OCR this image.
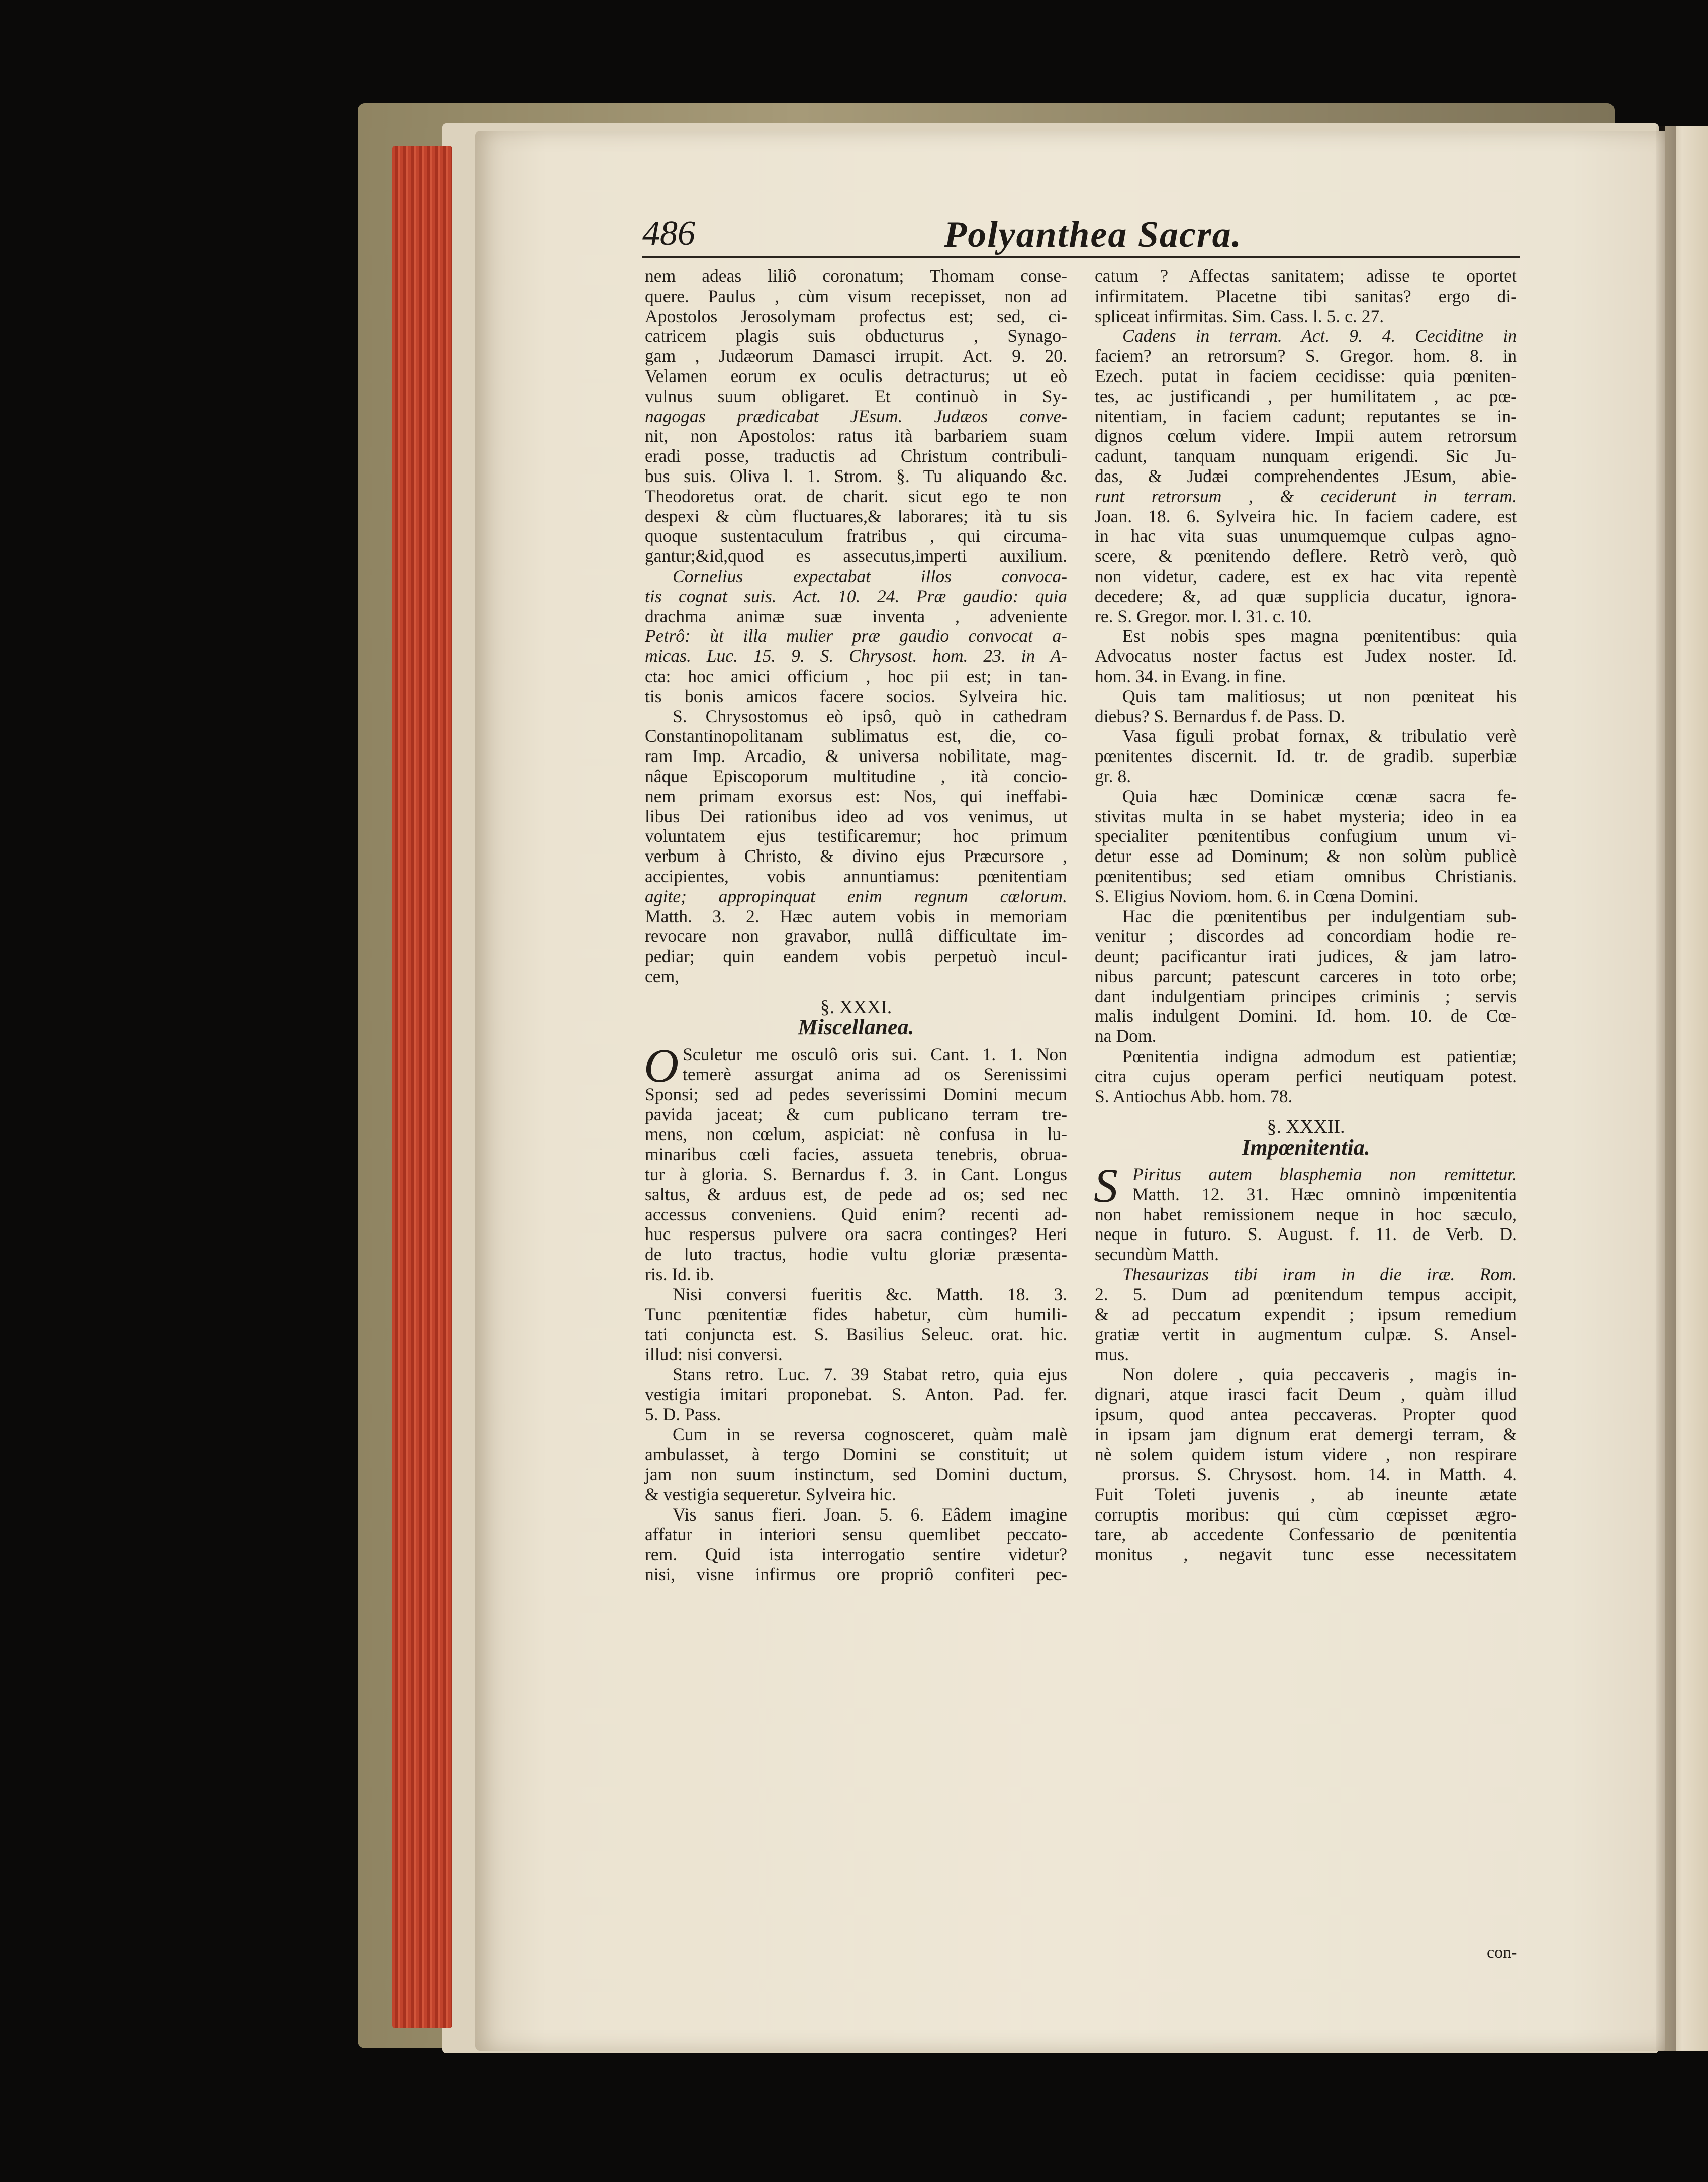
486	Polyanthea Sacra.
nem adeas liliô coronatum; Thomam conse-
quere. Paulus , cùm visum recepisset, non ad
Apostolos Jerosolymam profectus est; sed, ci-
catricem plagis suis obducturus , Synago-
gam , Judæorum Damasci irrupit. Act. 9. 20.
Velamen eorum ex oculis detracturus; ut eò
vulnus suum obligaret. Et continuò in Sy-
nagogas prædicabat JEsum. Judæos conve-
nit, non Apostolos: ratus ità barbariem suam
eradi posse, traductis ad Christum contribuli-
bus suis. Oliva l. 1. Strom. §. Tu aliquando &c.
Theodoretus orat. de charit. sicut ego te non
despexi & cùm fluctuares,& laborares; ità tu sis
quoque sustentaculum fratribus , qui circuma-
gantur;&id,quod es assecutus,imperti auxilium.
Cornelius expectabat illos convoca-
tis cognat suis. Act. 10. 24. Præ gaudio: quia
drachma animæ suæ inventa , adveniente
Petrô: ùt illa mulier præ gaudio convocat a-
micas. Luc. 15. 9. S. Chrysost. hom. 23. in A-
cta: hoc amici officium , hoc pii est; in tan-
tis bonis amicos facere socios. Sylveira hic.
S. Chrysostomus eò ipsô, quò in cathedram
Constantinopolitanam sublimatus est, die, co-
ram Imp. Arcadio, & universa nobilitate, mag-
nâque Episcoporum multitudine , ità concio-
nem primam exorsus est: Nos, qui ineffabi-
libus Dei rationibus ideo ad vos venimus, ut
voluntatem ejus testificaremur; hoc primum
verbum à Christo, & divino ejus Præcursore ,
accipientes, vobis annuntiamus: pœnitentiam
agite; appropinquat enim regnum cœlorum.
Matth. 3. 2. Hæc autem vobis in memoriam
revocare non gravabor, nullâ difficultate im-
pediar; quin eandem vobis perpetuò incul-
cem,
§. XXXI.
Miscellanea.
O Sculetur me osculô oris sui. Cant. 1. 1. Non
temerè assurgat anima ad os Serenissimi
Sponsi; sed ad pedes severissimi Domini mecum
pavida jaceat; & cum publicano terram tre-
mens, non cœlum, aspiciat: nè confusa in lu-
minaribus cœli facies, assueta tenebris, obrua-
tur à gloria. S. Bernardus f. 3. in Cant. Longus
saltus, & arduus est, de pede ad os; sed nec
accessus conveniens. Quid enim? recenti ad-
huc respersus pulvere ora sacra continges? Heri
de luto tractus, hodie vultu gloriæ præsenta-
ris. Id. ib.
Nisi conversi fueritis &c. Matth. 18. 3.
Tunc pœnitentiæ fides habetur, cùm humili-
tati conjuncta est. S. Basilius Seleuc. orat. hic.
illud: nisi conversi.
Stans retro. Luc. 7. 39 Stabat retro, quia ejus
vestigia imitari proponebat. S. Anton. Pad. fer.
5. D. Pass.
Cum in se reversa cognosceret, quàm malè
ambulasset, à tergo Domini se constituit; ut
jam non suum instinctum, sed Domini ductum,
& vestigia sequeretur. Sylveira hic.
Vis sanus fieri. Joan. 5. 6. Eâdem imagine
affatur in interiori sensu quemlibet peccato-
rem. Quid ista interrogatio sentire videtur?
nisi, visne infirmus ore propriô confiteri pec-
catum ? Affectas sanitatem; adisse te oportet
infirmitatem. Placetne tibi sanitas? ergo di-
spliceat infirmitas. Sim. Cass. l. 5. c. 27.
Cadens in terram. Act. 9. 4. Ceciditne in
faciem? an retrorsum? S. Gregor. hom. 8. in
Ezech. putat in faciem cecidisse: quia pœniten-
tes, ac justificandi , per humilitatem , ac pœ-
nitentiam, in faciem cadunt; reputantes se in-
dignos cœlum videre. Impii autem retrorsum
cadunt, tanquam nunquam erigendi. Sic Ju-
das, & Judæi comprehendentes JEsum, abie-
runt retrorsum , & ceciderunt in terram.
Joan. 18. 6. Sylveira hic. In faciem cadere, est
in hac vita suas unumquemque culpas agno-
scere, & pœnitendo deflere. Retrò verò, quò
non videtur, cadere, est ex hac vita repentè
decedere; &, ad quæ supplicia ducatur, ignora-
re. S. Gregor. mor. l. 31. c. 10.
Est nobis spes magna pœnitentibus: quia
Advocatus noster factus est Judex noster. Id.
hom. 34. in Evang. in fine.
Quis tam malitiosus; ut non pœniteat his
diebus? S. Bernardus f. de Pass. D.
Vasa figuli probat fornax, & tribulatio verè
pœnitentes discernit. Id. tr. de gradib. superbiæ
gr. 8.
Quia hæc Dominicæ cœnæ sacra fe-
stivitas multa in se habet mysteria; ideo in ea
specialiter pœnitentibus confugium unum vi-
detur esse ad Dominum; & non solùm publicè
pœnitentibus; sed etiam omnibus Christianis.
S. Eligius Noviom. hom. 6. in Cœna Domini.
Hac die pœnitentibus per indulgentiam sub-
venitur ; discordes ad concordiam hodie re-
deunt; pacificantur irati judices, & jam latro-
nibus parcunt; patescunt carceres in toto orbe;
dant indulgentiam principes criminis ; servis
malis indulgent Domini. Id. hom. 10. de Cœ-
na Dom.
Pœnitentia indigna admodum est patientiæ;
citra cujus operam perfici neutiquam potest.
S. Antiochus Abb. hom. 78.
§. XXXII.
Impœnitentia.
S Piritus autem blasphemia non remittetur.
Matth. 12. 31. Hæc omninò impœnitentia
non habet remissionem neque in hoc sæculo,
neque in futuro. S. August. f. 11. de Verb. D.
secundùm Matth.
Thesaurizas tibi iram in die iræ. Rom.
2. 5. Dum ad pœnitendum tempus accipit,
& ad peccatum expendit ; ipsum remedium
gratiæ vertit in augmentum culpæ. S. Ansel-
mus.
Non dolere , quia peccaveris , magis in-
dignari, atque irasci facit Deum , quàm illud
ipsum, quod antea peccaveras. Propter quod
in ipsam jam dignum erat demergi terram, &
nè solem quidem istum videre , non respirare
prorsus. S. Chrysost. hom. 14. in Matth. 4.
Fuit Toleti juvenis , ab ineunte ætate
corruptis moribus: qui cùm cœpisset ægro-
tare, ab accedente Confessario de pœnitentia
monitus , negavit tunc esse necessitatem
con-
